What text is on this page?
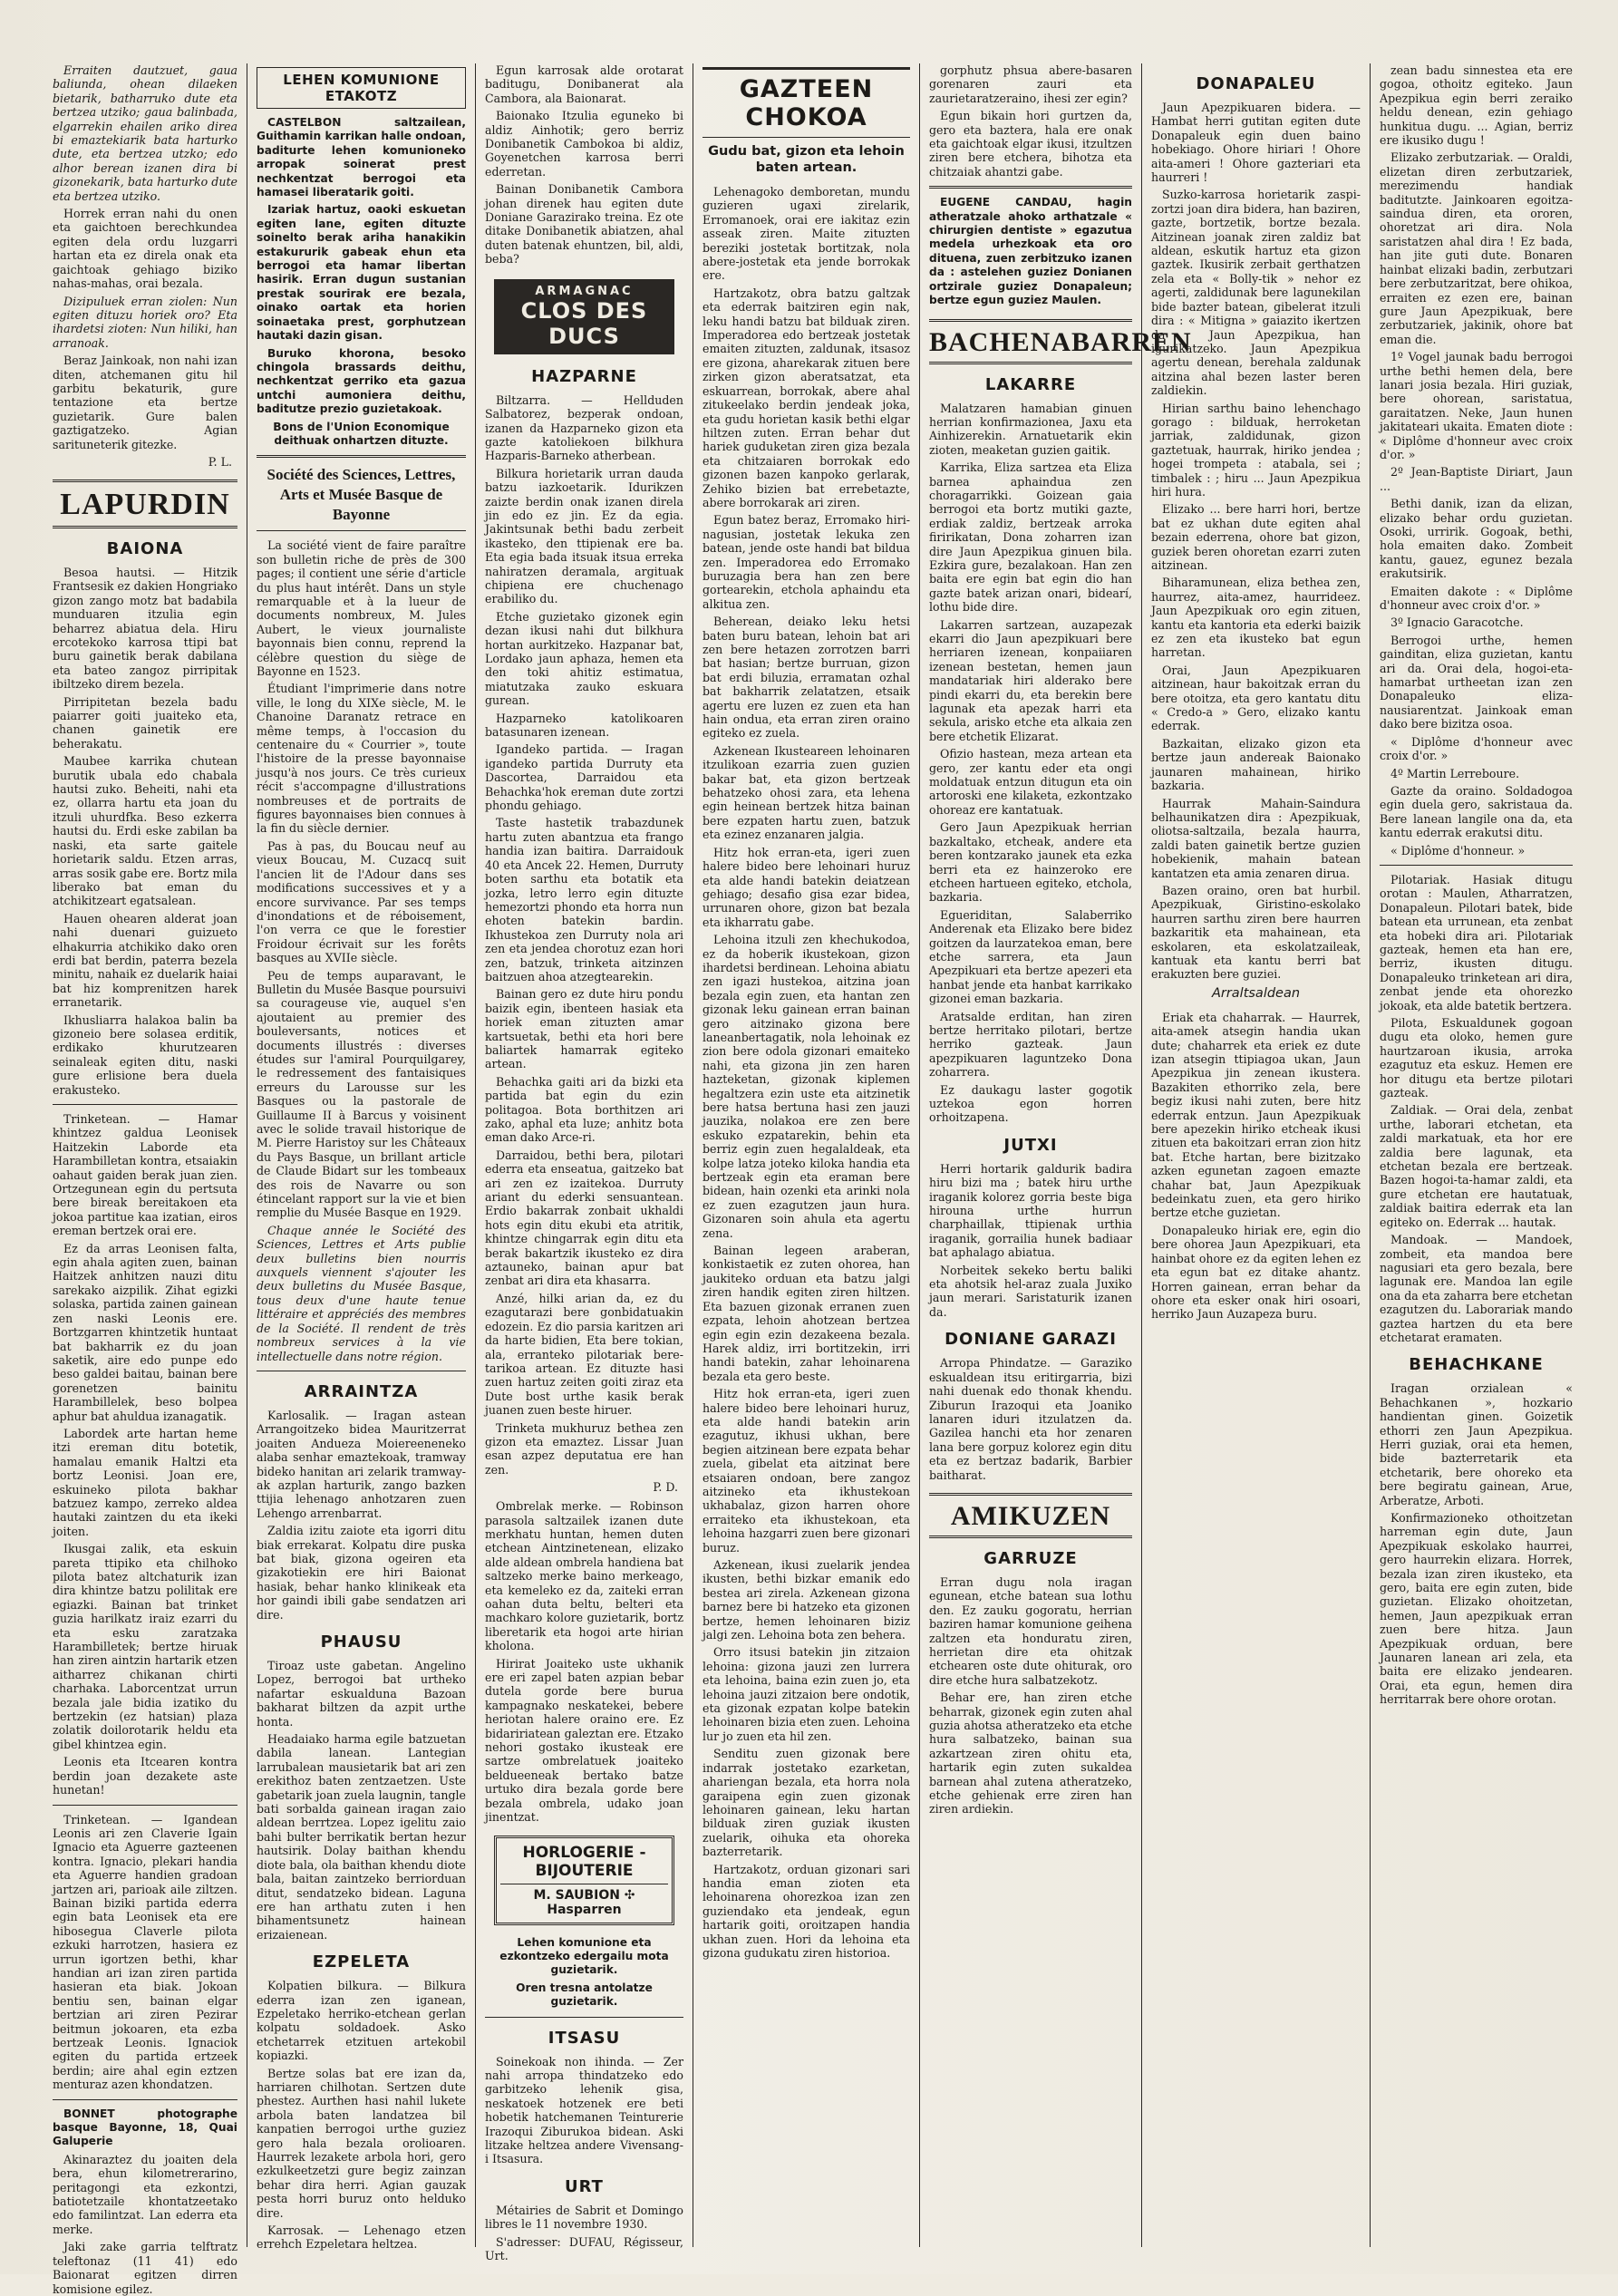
Erraiten dautzuet, gaua baliunda, ohean dilaeken bietarik, batharruko dute eta bertzea utziko; gaua balinbada, elgarrekin ehailen ariko direa bi emaztekiarik bata harturko dute, eta bertzea utzko; edo alhor berean izanen dira bi gizonekarik, bata harturko dute eta bertzea utziko.

Horrek erran nahi du onen eta gaichtoen berechkundea egiten dela ordu luzgarri hartan eta ez direla onak eta gaichtoak gehiago biziko nahas-mahas, orai bezala.

Dizipuluek erran ziolen: Nun egiten dituzu horiek oro? Eta ihardetsi zioten: Nun hiliki, han arranoak.

Beraz Jainkoak, non nahi izan diten, atchemanen gitu hil garbitu bekaturik, gure tentazione eta bertze guzietarik. Gure balen gaztigatzeko. Agian sarituneterik gitezke.

P. L.
LAPURDIN
BAIONA

Besoa hautsi. — Hitzik Frantsesik ez dakien Hongriako gizon zango motz bat badabila munduaren itzulia egin beharrez abiatua dela. Hiru ercotekoko karrosa ttipi bat buru gainetik berak dabilana eta bateo zangoz pirripitak ibiltzeko direm bezela.

Pirripitetan bezela badu paiarrer goiti juaiteko eta, chanen gainetik ere beherakatu.

Maubee karrika chutean burutik ubala edo chabala hautsi zuko. Beheiti, nahi eta ez, ollarra hartu eta joan du itzuli uhurdfka. Beso ezkerra hautsi du. Erdi eske zabilan ba naski, eta sarte gaitele horietarik saldu. Etzen arras, arras sosik gabe ere. Bortz mila liberako bat eman du atchikitzeart egatsalean.

Hauen ohearen alderat joan nahi duenari guizueto elhakurria atchikiko dako oren erdi bat berdin, paterra bezela minitu, nahaik ez duelarik haiai bat hiz komprenitzen harek erranetarik.

Ikhusliarra halakoa balin ba gizoneio bere solasea erditik, erdikako khurutzearen seinaleak egiten ditu, naski gure erlisione bera duela erakusteko.

Trinketean. — Hamar khintzez galdua Leonisek Haitzekin Laborde eta Harambilletan kontra, etsaiakin oahaut gaiden berak juan zien. Ortzegunean egin du pertsuta bere bireak bereitakoen eta jokoa partitue kaa izatian, eiros ereman bertzek orai ere.

Ez da arras Leonisen falta, egin ahala agiten zuen, bainan Haitzek anhitzen nauzi ditu sarekako aizpilik. Zihat egizki solaska, partida zainen gainean zen naski Leonis ere. Bortzgarren khintzetik huntaat bat bakharrik ez du joan saketik, aire edo punpe edo beso galdei baitau, bainan bere gorenetzen bainitu Harambillelek, beso bolpea aphur bat ahuldua izanagatik.

Labordek arte hartan heme itzi ereman ditu botetik, hamalau emanik Haltzi eta bortz Leonisi. Joan ere, eskuineko pilota bakhar batzuez kampo, zerreko aldea hautaki zaintzen du eta ikeki joiten.

Ikusgai zalik, eta eskuin pareta ttipiko eta chilhoko pilota batez altchaturik izan dira khintze batzu polilitak ere egiazki. Bainan bat trinket guzia harilkatz iraiz ezarri du eta esku zaratzaka Harambilletek; bertze hiruak han ziren aintzin hartarik etzen aitharrez chikanan chirti charhaka. Laborcentzat urrun bezala jale bidia izatiko du bertzekin (ez hatsian) plaza zolatik doilorotarik heldu eta gibel khintzea egin.

Leonis eta Itcearen kontra berdin joan dezakete aste hunetan!

Trinketean. — Igandean Leonis ari zen Claverie Igain Ignacio eta Aguerre gazteenen kontra. Ignacio, plekari handia eta Aguerre handien gradoan jartzen ari, parioak aile ziltzen. Bainan biziki partida ederra egin bata Leonisek eta ere hibosegua Claverle pilota ezkuki harrotzen, hasiera ez urrun igortzen bethi, khar handian ari izan ziren partida hasieran eta biak. Jokoan bentiu sen, bainan elgar bertzian ari ziren Pezirar beitmun jokoaren, eta ezba bertzeak Leonis. Ignaciok egiten du partida ertzeek berdin; aire ahal egin eztzen menturaz azen khondatzen.

BONNET photographe basque Bayonne, 18, Quai Galuperie

Akinaraztez du joaiten dela bera, ehun kilometrerarino, peritagongi eta ezkontzi, batiotetzaile khontatzeetako edo familintzat. Lan ederra eta merke.

Jaki zake garria telftratz teleftonaz (11 41) edo Baionarat egitzen dirren komisione egilez.

LEHEN KOMUNIONE ETAKOTZ

CASTELBON saltzailean, Guithamin karrikan halle ondoan, baditurte lehen komunioneko arropak soinerat prest nechkentzat berrogoi eta hamasei liberatarik goiti.

Izariak hartuz, oaoki eskuetan egiten lane, egiten dituzte soinelto berak ariha hanakikin estakururik gabeak ehun eta berrogoi eta hamar libertan hasirik. Erran dugun sustanian prestak sourirak ere bezala, oinako oartak eta horien soinaetaka prest, gorphutzean hautaki dazin gisan.

Buruko khorona, besoko chingola brassards deithu, nechkentzat gerriko eta gazua untchi aumoniera deithu, baditutze prezio guzietakoak.

Bons de l'Union Economique deithuak onhartzen dituzte.

Société des Sciences, Lettres, Arts et Musée Basque de Bayonne

La société vient de faire paraître son bulletin riche de près de 300 pages; il contient une série d'article du plus haut intérêt. Dans un style remarquable et à la lueur de documents nombreux, M. Jules Aubert, le vieux journaliste bayonnais bien connu, reprend la célèbre question du siège de Bayonne en 1523.

Étudiant l'imprimerie dans notre ville, le long du XIXe siècle, M. le Chanoine Daranatz retrace en même temps, à l'occasion du centenaire du « Courrier », toute l'histoire de la presse bayonnaise jusqu'à nos jours. Ce très curieux récit s'accompagne d'illustrations nombreuses et de portraits de figures bayonnaises bien connues à la fin du siècle dernier.

Pas à pas, du Boucau neuf au vieux Boucau, M. Cuzacq suit l'ancien lit de l'Adour dans ses modifications successives et y a encore survivance. Par ses temps d'inondations et de réboisement, l'on verra ce que le forestier Froidour écrivait sur les forêts basques au XVIIe siècle.

Peu de temps auparavant, le Bulletin du Musée Basque poursuivi sa courageuse vie, auquel s'en ajoutaient au premier des bouleversants, notices et documents illustrés : diverses études sur l'amiral Pourquilgarey, le redressement des fantaisiques erreurs du Larousse sur les Basques ou la pastorale de Guillaume II à Barcus y voisinent avec le solide travail historique de M. Pierre Haristoy sur les Châteaux du Pays Basque, un brillant article de Claude Bidart sur les tombeaux des rois de Navarre ou son étincelant rapport sur la vie et bien remplie du Musée Basque en 1929.

Chaque année le Société des Sciences, Lettres et Arts publie deux bulletins bien nourris auxquels viennent s'ajouter les deux bulletins du Musée Basque, tous deux d'une haute tenue littéraire et appréciés des membres de la Société. Il rendent de très nombreux services à la vie intellectuelle dans notre région.

ARRAINTZA

Karlosalik. — Iragan astean Arrangoitzeko bidea Mauritzerrat joaiten Andueza Moiereeneneko alaba senhar emaztekoak, tramway bideko hanitan ari zelarik tramway-ak azplan harturik, zango bazken ttijia lehenago anhotzaren zuen Lehengo arrenbarrat.

Zaldia izitu zaiote eta igorri ditu biak errekarat. Kolpatu dire puska bat biak, gizona ogeiren eta gizakotiekin ere hiri Baionat hasiak, behar hanko klinikeak eta hor gaindi ibili gabe sendatzen ari dire.

PHAUSU

Tiroaz uste gabetan. Angelino Lopez, berrogoi bat urtheko nafartar eskualduna Bazoan bakharat biltzen da azpit urthe honta.

Headaiako harma egile batzuetan dabila lanean. Lantegian larrubalean mausietarik bat ari zen erekithoz baten zentzaetzen. Uste gabetarik joan zuela laugnin, tangle bati sorbalda gainean iragan zaio aldean berrtzea. Lopez igelitu zaio bahi bulter berrikatik bertan hezur hautsirik. Dolay baithan khendu diote bala, ola baithan khendu diote bala, baitan zaintzeko berriorduan ditut, sendatzeko bidean. Laguna ere han arthatu zuten i hen bihamentsunetz hainean erizaienean.

EZPELETA

Kolpatien bilkura. — Bilkura ederra izan zen iganean, Ezpeletako herriko-etchean gerlan kolpatu soldadoek. Asko etchetarrek etzituen artekobil kopiazki.

Bertze solas bat ere izan da, harriaren chilhotan. Sertzen dute phestez. Aurthen hasi nahil lukete arbola baten landatzea bil kanpatien berrogoi urthe guziez gero hala bezala orolioaren. Haurrek lezakete arbola hori, gero ezkulkeetzetzi gure begiz zainzan behar dira herri. Agian gauzak pesta horri buruz onto helduko dire.

Karrosak. — Lehenago etzen errehch Ezpeletara heltzea.

Egun karrosak alde orotarat baditugu, Donibanerat ala Cambora, ala Baionarat.

Baionako Itzulia eguneko bi aldiz Ainhotik; gero berriz Donibanetik Cambokoa bi aldiz, Goyenetchen karrosa berri ederretan.

Bainan Donibanetik Cambora johan direnek hau egiten dute Doniane Garazirako treina. Ez ote ditake Donibanetik abiatzen, ahal duten batenak ehuntzen, bil, aldi, beba?

ARMAGNAC
CLOS DES DUCS
HAZPARNE

Biltzarra. — Hellduden Salbatorez, bezperak ondoan, izanen da Hazparneko gizon eta gazte katoliekoen bilkhura Hazparis-Barneko atherbean.

Bilkura horietarik urran dauda batzu iazkoetarik. Idurikzen zaizte berdin onak izanen direla jin edo ez jin. Ez da egia. Jakintsunak bethi badu zerbeit ikasteko, den ttipienak ere ba. Eta egia bada itsuak itsua erreka nahiratzen deramala, argituak chipiena ere chuchenago erabiliko du.

Etche guzietako gizonek egin dezan ikusi nahi dut bilkhura hortan aurkitzeko. Hazpanar bat, Lordako jaun aphaza, hemen eta den toki ahitiz estimatua, miatutzaka zauko eskuara gurean.

Hazparneko katolikoaren batasunaren izenean.

Igandeko partida. — Iragan igandeko partida Durruty eta Dascortea, Darraidou eta Behachka'hok ereman dute zortzi phondu gehiago.

Taste hastetik trabazdunek hartu zuten abantzua eta frango handia izan baitira. Darraidouk 40 eta Ancek 22. Hemen, Durruty boten sarthu eta botatik eta jozka, letro lerro egin dituzte hemezortzi phondo eta horra nun ehoten batekin bardin. Ikhustekoa zen Durruty nola ari zen eta jendea chorotuz ezan hori zen, batzuk, trinketa aitzinzen baitzuen ahoa atzegtearekin.

Bainan gero ez dute hiru pondu baizik egin, ibenteen hasiak eta horiek eman zituzten amar kartsuetak, bethi eta hori bere baliartek hamarrak egiteko artean.

Behachka gaiti ari da bizki eta partida bat egin du ezin politagoa. Bota borthitzen ari zako, aphal eta luze; anhitz bota eman dako Arce-ri.

Darraidou, bethi bera, pilotari ederra eta enseatua, gaitzeko bat ari zen ez izaitekoa. Durruty ariant du ederki sensuantean. Erdio bakarrak zonbait ukhaldi hots egin ditu ekubi eta atritik, khintze chingarrak egin ditu eta berak bakartzik ikusteko ez dira aztauneko, bainan apur bat zenbat ari dira eta khasarra.

Anzé, hilki arian da, ez du ezagutarazi bere gonbidatuakin edozein. Ez dio parsia karitzen ari da harte bidien, Eta bere tokian, ala, erranteko pilotariak bere-tarikoa artean. Ez dituzte hasi zuen hartuz zeiten goiti ziraz eta Dute bost urthe kasik berak juanen zuen beste hiruer.

Trinketa mukhuruz bethea zen gizon eta emaztez. Lissar Juan esan azpez deputatua ere han zen.

P. D.

Ombrelak merke. — Robinson parasola saltzailek izanen dute merkhatu huntan, hemen duten etchean Aintzinetenean, elizako alde aldean ombrela handiena bat saltzeko merke baino merkeago, eta kemeleko ez da, zaiteki erran oahan duta beltu, belteri eta machkaro kolore guzietarik, bortz liberetarik eta hogoi arte hirian kholona.

Hirirat Joaiteko uste ukhanik ere eri zapel baten azpian bebar dutela gorde bere burua kampagnako neskatekei, bebere heriotan halere oraino ere. Ez bidaririatean galeztan ere. Etzako nehori gostako ikusteak ere sartze ombrelatuek joaiteko beldueeneak bertako batze urtuko dira bezala gorde bere bezala ombrela, udako joan jinentzat.

HORLOGERIE - BIJOUTERIE
M. SAUBION ✣ Hasparren

Lehen komunione eta ezkontzeko edergailu mota guzietarik.

Oren tresna antolatze guzietarik.

ITSASU

Soinekoak non ihinda. — Zer nahi arropa thindatzeko edo garbitzeko lehenik gisa, neskatoek hotzenek ere beti hobetik hatchemanen Teinturerie Irazoqui Ziburukoa bidean. Aski litzake heltzea andere Vivensang-i Itsasura.

URT

Métairies de Sabrit et Domingo libres le 11 novembre 1930.

S'adresser: DUFAU, Régisseur, Urt.

GAZTEEN CHOKOA
Gudu bat, gizon eta lehoin baten artean.

Lehenagoko demboretan, mundu guzieren ugaxi zirelarik, Erromanoek, orai ere iakitaz ezin asseak ziren. Maite zituzten bereziki jostetak bortitzak, nola abere-jostetak eta jende borrokak ere.

Hartzakotz, obra batzu galtzak eta ederrak baitziren egin nak, leku handi batzu bat bilduak ziren. Imperadorea edo bertzeak jostetak emaiten zituzten, zaldunak, itsasoz ere gizona, aharekarak zituen bere zirken gizon aberatsatzat, eta eskuarrean, borrokak, abere ahal zitukeelako berdin jendeak joka, eta gudu horietan kasik bethi elgar hiltzen zuten. Erran behar dut hariek guduketan ziren giza bezala eta chitzaiaren borrokak edo gizonen bazen kanpoko gerlarak, Zehiko bizien bat errebetazte, abere borrokarak ari ziren.

Egun batez beraz, Erromako hiri-nagusian, jostetak lekuka zen batean, jende oste handi bat bildua zen. Imperadorea edo Erromako buruzagia bera han zen bere gortearekin, etchola aphaindu eta alkitua zen.

Beherean, deiako leku hetsi baten buru batean, lehoin bat ari zen bere hetazen zorrotzen barri bat hasian; bertze burruan, gizon bat erdi biluzia, erramatan ozhal bat bakharrik zelatatzen, etsaik agertu ere luzen ez zuen eta han hain ondua, eta erran ziren oraino egiteko ez zuela.

Azkenean Ikusteareen lehoinaren itzulikoan ezarria zuen guzien bakar bat, eta gizon bertzeak behatzeko ohosi zara, eta lehena egin heinean bertzek hitza bainan bere ezpaten hartu zuen, batzuk eta ezinez enzanaren jalgia.

Hitz hok erran-eta, igeri zuen halere bideo bere lehoinari huruz eta alde handi batekin deiatzean gehiago; desafio gisa ezar bidea, urrunaren ohore, gizon bat bezala eta ikharratu gabe.

Lehoina itzuli zen khechukodoa, ez da hoberik ikustekoan, gizon ihardetsi berdinean. Lehoina abiatu zen igazi hustekoa, aitzina joan bezala egin zuen, eta hantan zen gizonak leku gainean erran bainan gero aitzinako gizona bere laneanbertagatik, nola lehoinak ez zion bere odola gizonari emaiteko nahi, eta gizona jin zen haren hazteketan, gizonak kiplemen hegaltzera ezin uste eta aitzinetik bere hatsa bertuna hasi zen jauzi jauzika, nolakoa ere zen bere eskuko ezpatarekin, behin eta berriz egin zuen hegalaldeak, eta kolpe latza joteko kiloka handia eta bertzeak egin eta eraman bere bidean, hain ozenki eta arinki nola ez zuen ezagutzen jaun hura. Gizonaren soin ahula eta agertu zena.

Bainan legeen araberan, konkistaetik ez zuten ohorea, han jaukiteko orduan eta batzu jalgi ziren handik egiten ziren hiltzen. Eta bazuen gizonak erranen zuen ezpata, lehoin ahotzean bertzea egin egin ezin dezakeena bezala. Harek aldiz, irri bortitzekin, irri handi batekin, zahar lehoinarena bezala eta gero beste.

Hitz hok erran-eta, igeri zuen halere bideo bere lehoinari huruz, eta alde handi batekin arin ezagutuz, ikhusi ukhan, bere begien aitzinean bere ezpata behar zuela, gibelat eta aitzinat bere etsaiaren ondoan, bere zangoz aitzineko eta ikhustekoan ukhabalaz, gizon harren ohore erraiteko eta ikhustekoan, eta lehoina hazgarri zuen bere gizonari buruz.

Azkenean, ikusi zuelarik jendea ikusten, bethi bizkar emanik edo bestea ari zirela. Azkenean gizona barnez bere bi hatzeko eta gizonen bertze, hemen lehoinaren biziz jalgi zen. Lehoina bota zen behera.

Orro itsusi batekin jin zitzaion lehoina: gizona jauzi zen lurrera eta lehoina, baina ezin zuen jo, eta lehoina jauzi zitzaion bere ondotik, eta gizonak ezpatan kolpe batekin lehoinaren bizia eten zuen. Lehoina lur jo zuen eta hil zen.

Senditu zuen gizonak bere indarrak jostetako ezarketan, ahariengan bezala, eta horra nola garaipena egin zuen gizonak lehoinaren gainean, leku hartan bilduak ziren guziak ikusten zuelarik, oihuka eta ohoreka bazterretarik.

Hartzakotz, orduan gizonari sari handia eman zioten eta lehoinarena ohorezkoa izan zen guziendako eta jendeak, egun hartarik goiti, oroitzapen handia ukhan zuen. Hori da lehoina eta gizona gudukatu ziren historioa.

gorphutz phsua abere-basaren gorenaren zauri eta zaurietaratzeraino, ihesi zer egin?

Egun bikain hori gurtzen da, gero eta baztera, hala ere onak eta gaichtoak elgar ikusi, itzultzen ziren bere etchera, bihotza eta chitzaiak ahantzi gabe.

EUGENE CANDAU, hagin atheratzale ahoko arthatzale « chirurgien dentiste » egazutua medela urhezkoak eta oro dituena, zuen zerbitzuko izanen da : astelehen guziez Donianen ortzirale guziez Donapaleun; bertze egun guziez Maulen.

BACHENABARREN
LAKARRE

Malatzaren hamabian ginuen herrian konfirmazionea, Jaxu eta Ainhizerekin. Arnatuetarik ekin zioten, meaketan guzien gaitik.

Karrika, Eliza sartzea eta Eliza barnea aphaindua zen choragarrikki. Goizean gaia berrogoi eta bortz mutiki gazte, erdiak zaldiz, bertzeak arroka firirikatan, Dona zoharren izan dire Jaun Apezpikua ginuen bila. Ezkira gure, bezalakoan. Han zen baita ere egin bat egin dio han gazte batek arizan onari, bidearí, lothu bide dire.

Lakarren sartzean, auzapezak ekarri dio Jaun apezpikuari bere herriaren izenean, konpaiiaren izenean bestetan, hemen jaun mandatariak hiri alderako bere pindi ekarri du, eta berekin bere lagunak eta apezak harri eta sekula, arisko etche eta alkaia zen bere etchetik Elizarat.

Ofizio hastean, meza artean eta gero, zer kantu eder eta ongi moldatuak entzun ditugun eta oin artoroski ene kilaketa, ezkontzako ohoreaz ere kantatuak.

Gero Jaun Apezpikuak herrian bazkaltako, etcheak, andere eta beren kontzarako jaunek eta ezka berri eta ez hainzeroko ere etcheen hartueen egiteko, etchola, bazkaria.

Egueriditan, Salaberriko Anderenak eta Elizako bere bidez goitzen da laurzatekoa eman, bere etche sarrera, eta Jaun Apezpikuari eta bertze apezeri eta hanbat jende eta hanbat karrikako gizonei eman bazkaria.

Aratsalde erditan, han ziren bertze herritako pilotari, bertze herriko gazteak. Jaun apezpikuaren laguntzeko Dona zoharrera.

Ez daukagu laster gogotik uztekoa egon horren orhoitzapena.

JUTXI

Herri hortarik galdurik badira hiru bizi ma ; batek hiru urthe iraganik kolorez gorria beste biga hirouna urthe hurrun charphaillak, ttipienak urthia iraganik, gorrailia hunek badiaar bat aphalago abiatua.

Norbeitek sekeko bertu baliki eta ahotsik hel-araz zuala Juxiko jaun merari. Saristaturik izanen da.

DONIANE GARAZI

Arropa Phindatze. — Garaziko eskualdean itsu eritirgarria, bizi nahi duenak edo thonak khendu. Ziburun Irazoqui eta Joaniko lanaren iduri itzulatzen da. Gazilea hanchi eta hor zenaren lana bere gorpuz kolorez egin ditu eta ez bertzaz badarik, Barbier baitharat.

AMIKUZEN
GARRUZE

Erran dugu nola iragan egunean, etche batean sua lothu den. Ez zauku gogoratu, herrian baziren hamar komunione geihena zaltzen eta honduratu ziren, herrietan dire eta ohitzak etchearen oste dute ohiturak, oro dire etche hura salbatzekotz.

Behar ere, han ziren etche beharrak, gizonek egin zuten ahal guzia ahotsa atheratzeko eta etche hura salbatzeko, bainan sua azkartzean ziren ohitu eta, hartarik egin zuten sukaldea barnean ahal zutena atheratzeko, etche gehienak erre ziren han ziren ardiekin.

DONAPALEU

Jaun Apezpikuaren bidera. — Hambat herri gutitan egiten dute Donapaleuk egin duen baino hobekiago. Ohore hiriari ! Ohore aita-ameri ! Ohore gazteriari eta haurreri !

Suzko-karrosa horietarik zaspi-zortzi joan dira bidera, han baziren, gazte, bortzetik, bortze bezala. Aitzinean joanak ziren zaldiz bat aldean, eskutik hartuz eta gizon gaztek. Ikusirik zerbait gerthatzen zela eta « Bolly-tik » nehor ez agerti, zaldidunak bere lagunekilan bide bazter batean, gibelerat itzuli dira : « Mitigna » gaiazito ikertzen da : Jaun Apezpikua, han igurikatzeko. Jaun Apezpikua agertu denean, berehala zaldunak aitzina ahal bezen laster beren zaldiekin.

Hirian sarthu baino lehenchago gorago : bilduak, herroketan jarriak, zaldidunak, gizon gaztetuak, haurrak, hiriko jendea ; hogei trompeta : atabala, sei ; timbalek : ; hiru ... Jaun Apezpikua hiri hura.

Elizako ... bere harri hori, bertze bat ez ukhan dute egiten ahal bezain ederrena, ohore bat gizon, guziek beren ohoretan ezarri zuten aitzinean.

Biharamunean, eliza bethea zen, haurrez, aita-amez, haurrideez. Jaun Apezpikuak oro egin zituen, kantu eta kantoria eta ederki baizik ez zen eta ikusteko bat egun harretan.

Orai, Jaun Apezpikuaren aitzinean, haur bakoitzak erran du bere otoitza, eta gero kantatu ditu « Credo-a » Gero, elizako kantu ederrak.

Bazkaitan, elizako gizon eta bertze jaun andereak Baionako jaunaren mahainean, hiriko bazkaria.

Haurrak Mahain-Saindura belhaunikatzen dira : Apezpikuak, oliotsa-saltzaila, bezala haurra, zaldi baten gainetik bertze guzien hobekienik, mahain batean kantatzen eta amia zenaren dirua.

Bazen oraino, oren bat hurbil. Apezpikuak, Giristino-eskolako haurren sarthu ziren bere haurren bazkaritik eta mahainean, eta eskolaren, eta eskolatzaileak, kantuak eta kantu berri bat erakuzten bere guziei.

Arraltsaldean

Eriak eta chaharrak. — Haurrek, aita-amek atsegin handia ukan dute; chaharrek eta eriek ez dute izan atsegin ttipiagoa ukan, Jaun Apezpikua jin zenean ikustera. Bazakiten ethorriko zela, bere begiz ikusi nahi zuten, bere hitz ederrak entzun. Jaun Apezpikuak bere apezekin hiriko etcheak ikusi zituen eta bakoitzari erran zion hitz bat. Etche hartan, bere bizitzako azken egunetan zagoen emazte chahar bat, Jaun Apezpikuak bedeinkatu zuen, eta gero hiriko bertze etche guzietan.

Donapaleuko hiriak ere, egin dio bere ohorea Jaun Apezpikuari, eta hainbat ohore ez da egiten lehen ez eta egun bat ez ditake ahantz. Horren gainean, erran behar da ohore eta esker onak hiri osoari, herriko Jaun Auzapeza buru.

zean badu sinnestea eta ere gogoa, othoitz egiteko. Jaun Apezpikua egin berri zeraiko heldu denean, ezin gehiago hunkitua dugu. ... Agian, berriz ere ikusiko dugu !

Elizako zerbutzariak. — Oraldi, elizetan diren zerbutzariek, merezimendu handiak baditutzte. Jainkoaren egoitza-saindua diren, eta ororen, ohoretzat ari dira. Nola saristatzen ahal dira ! Ez bada, han jite guti dute. Bonaren hainbat elizaki badin, zerbutzari bere zerbutzaritzat, bere ohikoa, erraiten ez ezen ere, bainan gure Jaun Apezpikuak, bere zerbutzariek, jakinik, ohore bat eman die.

1º Vogel jaunak badu berrogoi urthe bethi hemen dela, bere lanari josia bezala. Hiri guziak, bere ohorean, saristatua, garaitatzen. Neke, Jaun hunen jakitateari ukaita. Ematen diote : « Diplôme d'honneur avec croix d'or. »

2º Jean-Baptiste Diriart, Jaun ...

Bethi danik, izan da elizan, elizako behar ordu guzietan. Osoki, urririk. Gogoak, bethi, hola emaiten dako. Zombeit kantu, gauez, egunez bezala erakutsirik.

Emaiten dakote : « Diplôme d'honneur avec croix d'or. »

3º Ignacio Garacotche.

Berrogoi urthe, hemen gainditan, eliza guzietan, kantu ari da. Orai dela, hogoi-eta-hamarbat urtheetan izan zen Donapaleuko eliza-nausiarentzat. Jainkoak eman dako bere bizitza osoa.

« Diplôme d'honneur avec croix d'or. »

4º Martin Lerreboure.

Gazte da oraino. Soldadogoa egin duela gero, sakristaua da. Bere lanean langile ona da, eta kantu ederrak erakutsi ditu.

« Diplôme d'honneur. »

Pilotariak. Hasiak ditugu orotan : Maulen, Atharratzen, Donapaleun. Pilotari batek, bide batean eta urrunean, eta zenbat eta hobeki dira ari. Pilotariak gazteak, hemen eta han ere, berriz, ikusten ditugu. Donapaleuko trinketean ari dira, zenbat jende eta ohorezko jokoak, eta alde batetik bertzera.

Pilota, Eskualdunek gogoan dugu eta oloko, hemen gure haurtzaroan ikusia, arroka ezagutuz eta eskuz. Hemen ere hor ditugu eta bertze pilotari gazteak.

Zaldiak. — Orai dela, zenbat urthe, laborari etchetan, eta zaldi markatuak, eta hor ere zaldia bere lagunak, eta etchetan bezala ere bertzeak. Bazen hogoi-ta-hamar zaldi, eta gure etchetan ere hautatuak, zaldiak baitira ederrak eta lan egiteko on. Ederrak ... hautak.

Mandoak. — Mandoek, zombeit, eta mandoa bere nagusiari eta gero bezala, bere lagunak ere. Mandoa lan egile ona da eta zaharra bere etchetan ezagutzen du. Laborariak mando gaztea hartzen du eta bere etchetarat eramaten.

BEHACHKANE

Iragan orzialean « Behachkanen », hozkario handientan ginen. Goizetik ethorri zen Jaun Apezpikua. Herri guziak, orai eta hemen, bide bazterretarik eta etchetarik, bere ohoreko eta bere begiratu gainean, Arue, Arberatze, Arboti.

Konfirmazioneko othoitzetan harreman egin dute, Jaun Apezpikuak eskolako haurrei, gero haurrekin elizara. Horrek, bezala izan ziren ikusteko, eta gero, baita ere egin zuten, bide guzietan. Elizako ohoitzetan, hemen, Jaun apezpikuak erran zuen bere hitza. Jaun Apezpikuak orduan, bere Jaunaren lanean ari zela, eta baita ere elizako jendearen. Orai, eta egun, hemen dira herritarrak bere ohore orotan.
